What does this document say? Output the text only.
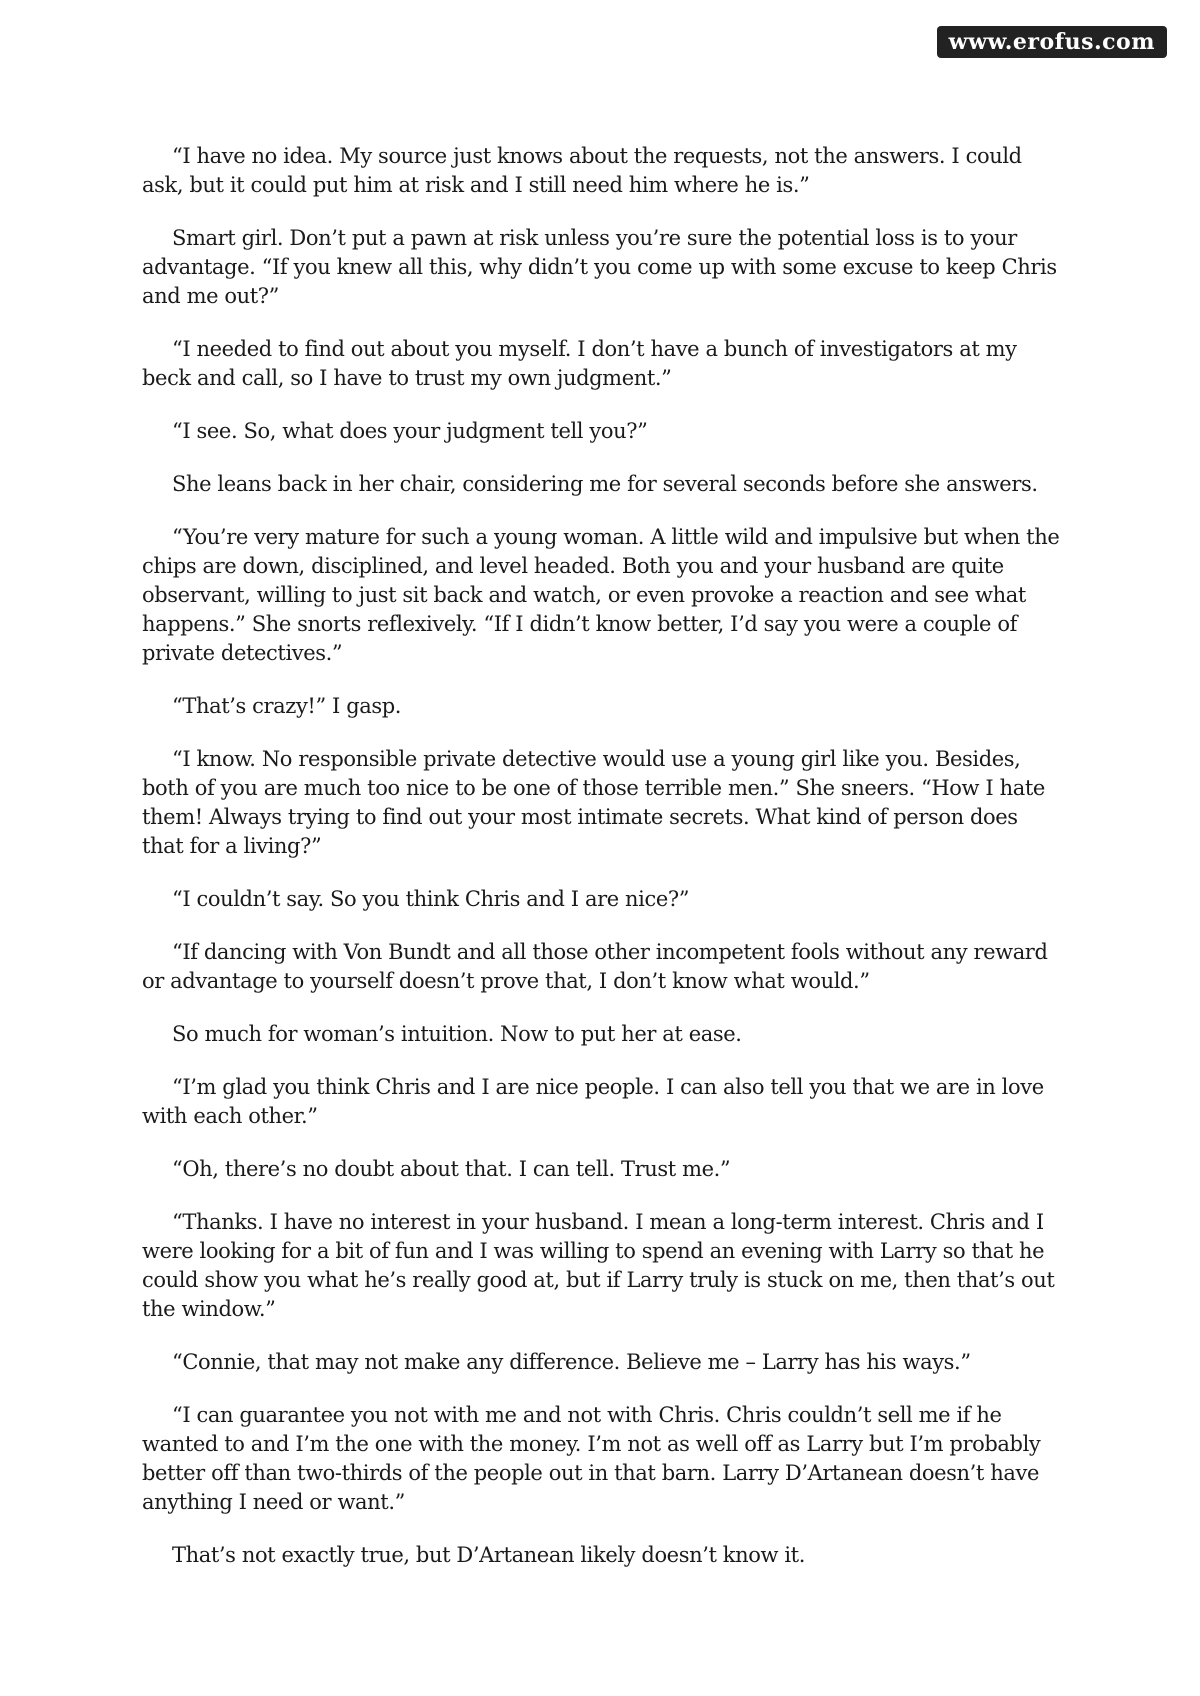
www.erofus.com

“I have no idea. My source just knows about the requests, not the answers. I could ask, but it could put him at risk and I still need him where he is.”

Smart girl. Don’t put a pawn at risk unless you’re sure the potential loss is to your advantage. “If you knew all this, why didn’t you come up with some excuse to keep Chris and me out?”

“I needed to find out about you myself. I don’t have a bunch of investigators at my beck and call, so I have to trust my own judgment.”

“I see. So, what does your judgment tell you?”

She leans back in her chair, considering me for several seconds before she answers.

“You’re very mature for such a young woman. A little wild and impulsive but when the chips are down, disciplined, and level headed. Both you and your husband are quite observant, willing to just sit back and watch, or even provoke a reaction and see what happens.” She snorts reflexively. “If I didn’t know better, I’d say you were a couple of private detectives.”

“That’s crazy!” I gasp.

“I know. No responsible private detective would use a young girl like you. Besides, both of you are much too nice to be one of those terrible men.” She sneers. “How I hate them! Always trying to find out your most intimate secrets. What kind of person does that for a living?”

“I couldn’t say. So you think Chris and I are nice?”

“If dancing with Von Bundt and all those other incompetent fools without any reward or advantage to yourself doesn’t prove that, I don’t know what would.”

So much for woman’s intuition. Now to put her at ease.

“I’m glad you think Chris and I are nice people. I can also tell you that we are in love with each other.”

“Oh, there’s no doubt about that. I can tell. Trust me.”

“Thanks. I have no interest in your husband. I mean a long-term interest. Chris and I were looking for a bit of fun and I was willing to spend an evening with Larry so that he could show you what he’s really good at, but if Larry truly is stuck on me, then that’s out the window.”

“Connie, that may not make any difference. Believe me – Larry has his ways.”

“I can guarantee you not with me and not with Chris. Chris couldn’t sell me if he wanted to and I’m the one with the money. I’m not as well off as Larry but I’m probably better off than two-thirds of the people out in that barn. Larry D’Artanean doesn’t have anything I need or want.”

That’s not exactly true, but D’Artanean likely doesn’t know it.
